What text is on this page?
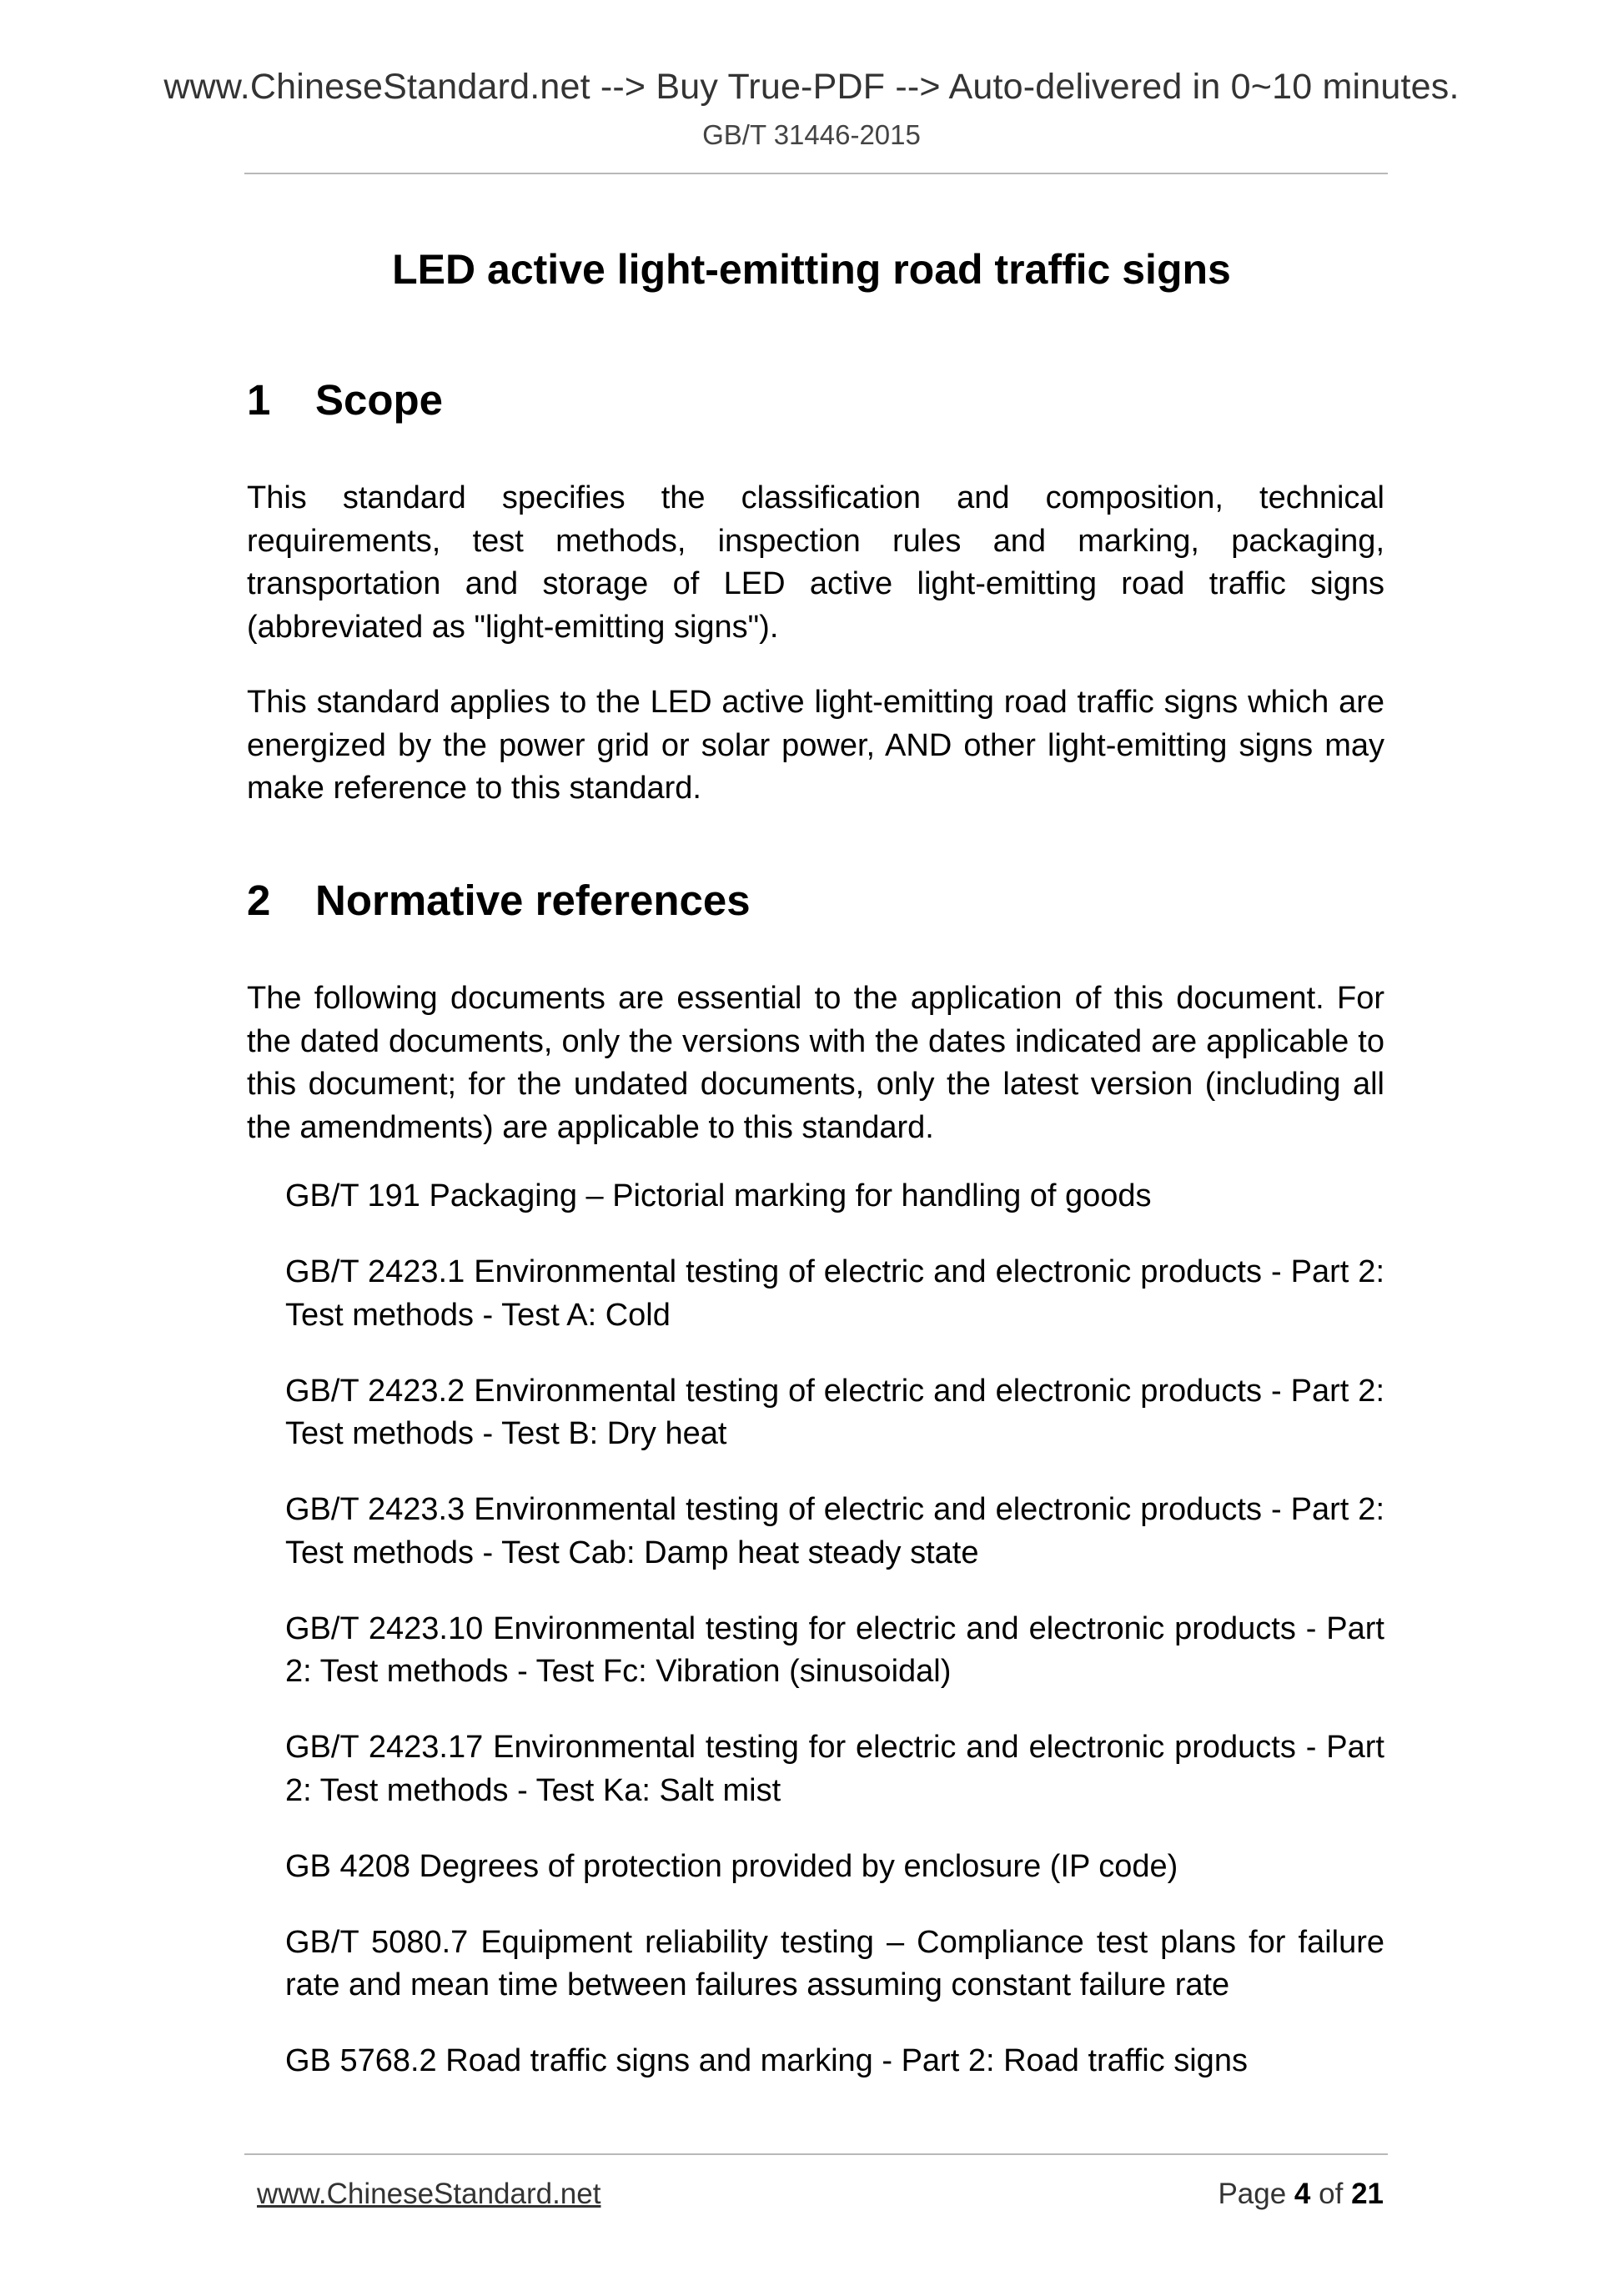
www.ChineseStandard.net --> Buy True-PDF --> Auto-delivered in 0~10 minutes.
GB/T 31446-2015
LED active light-emitting road traffic signs
1 Scope

This standard specifies the classification and composition, technical requirements, test methods, inspection rules and marking, packaging, transportation and storage of LED active light-emitting road traffic signs (abbreviated as "light-emitting signs").

This standard applies to the LED active light-emitting road traffic signs which are energized by the power grid or solar power, AND other light-emitting signs may make reference to this standard.

2 Normative references

The following documents are essential to the application of this document. For the dated documents, only the versions with the dates indicated are applicable to this document; for the undated documents, only the latest version (including all the amendments) are applicable to this standard.

GB/T 191 Packaging – Pictorial marking for handling of goods

GB/T 2423.1 Environmental testing of electric and electronic products - Part 2: Test methods - Test A: Cold

GB/T 2423.2 Environmental testing of electric and electronic products - Part 2: Test methods - Test B: Dry heat

GB/T 2423.3 Environmental testing of electric and electronic products - Part 2: Test methods - Test Cab: Damp heat steady state

GB/T 2423.10 Environmental testing for electric and electronic products - Part 2: Test methods - Test Fc: Vibration (sinusoidal)

GB/T 2423.17 Environmental testing for electric and electronic products - Part 2: Test methods - Test Ka: Salt mist

GB 4208 Degrees of protection provided by enclosure (IP code)

GB/T 5080.7 Equipment reliability testing – Compliance test plans for failure rate and mean time between failures assuming constant failure rate

GB 5768.2 Road traffic signs and marking - Part 2: Road traffic signs

www.ChineseStandard.net	Page 4 of 21
